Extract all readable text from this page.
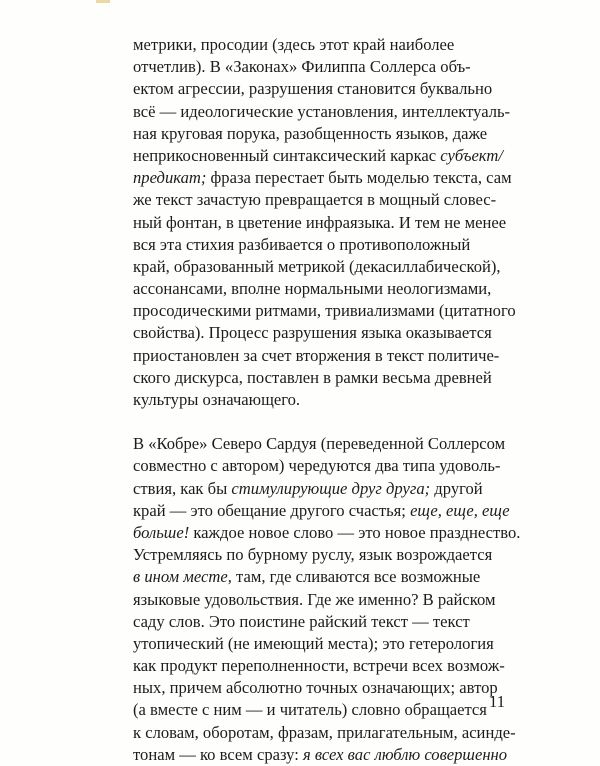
метрики, просодии (здесь этот край наиболее
отчетлив). В «Законах» Филиппа Соллерса объ-
ектом агрессии, разрушения становится буквально
всё — идеологические установления, интеллектуаль-
ная круговая порука, разобщенность языков, даже
неприкосновенный синтаксический каркас субъект/
предикат; фраза перестает быть моделью текста, сам
же текст зачастую превращается в мощный словес-
ный фонтан, в цветение инфраязыка. И тем не менее
вся эта стихия разбивается о противоположный
край, образованный метрикой (декасиллабической),
ассонансами, вполне нормальными неологизмами,
просодическими ритмами, тривиализмами (цитатного
свойства). Процесс разрушения языка оказывается
приостановлен за счет вторжения в текст политиче-
ского дискурса, поставлен в рамки весьма древней
культуры означающего.
В «Кобре» Северо Сардуя (переведенной Соллерсом
совместно с автором) чередуются два типа удоволь-
ствия, как бы стимулирующие друг друга; другой
край — это обещание другого счастья; еще, еще, еще
больше! каждое новое слово — это новое празднество.
Устремляясь по бурному руслу, язык возрождается
в ином месте, там, где сливаются все возможные
языковые удовольствия. Где же именно? В райском
саду слов. Это поистине райский текст — текст
утопический (не имеющий места); это гетерология
как продукт переполненности, встречи всех возмож-
ных, причем абсолютно точных означающих; автор
(а вместе с ним — и читатель) словно обращается
к словам, оборотам, фразам, прилагательным, асинде-
тонам — ко всем сразу: я всех вас люблю совершенно
11
